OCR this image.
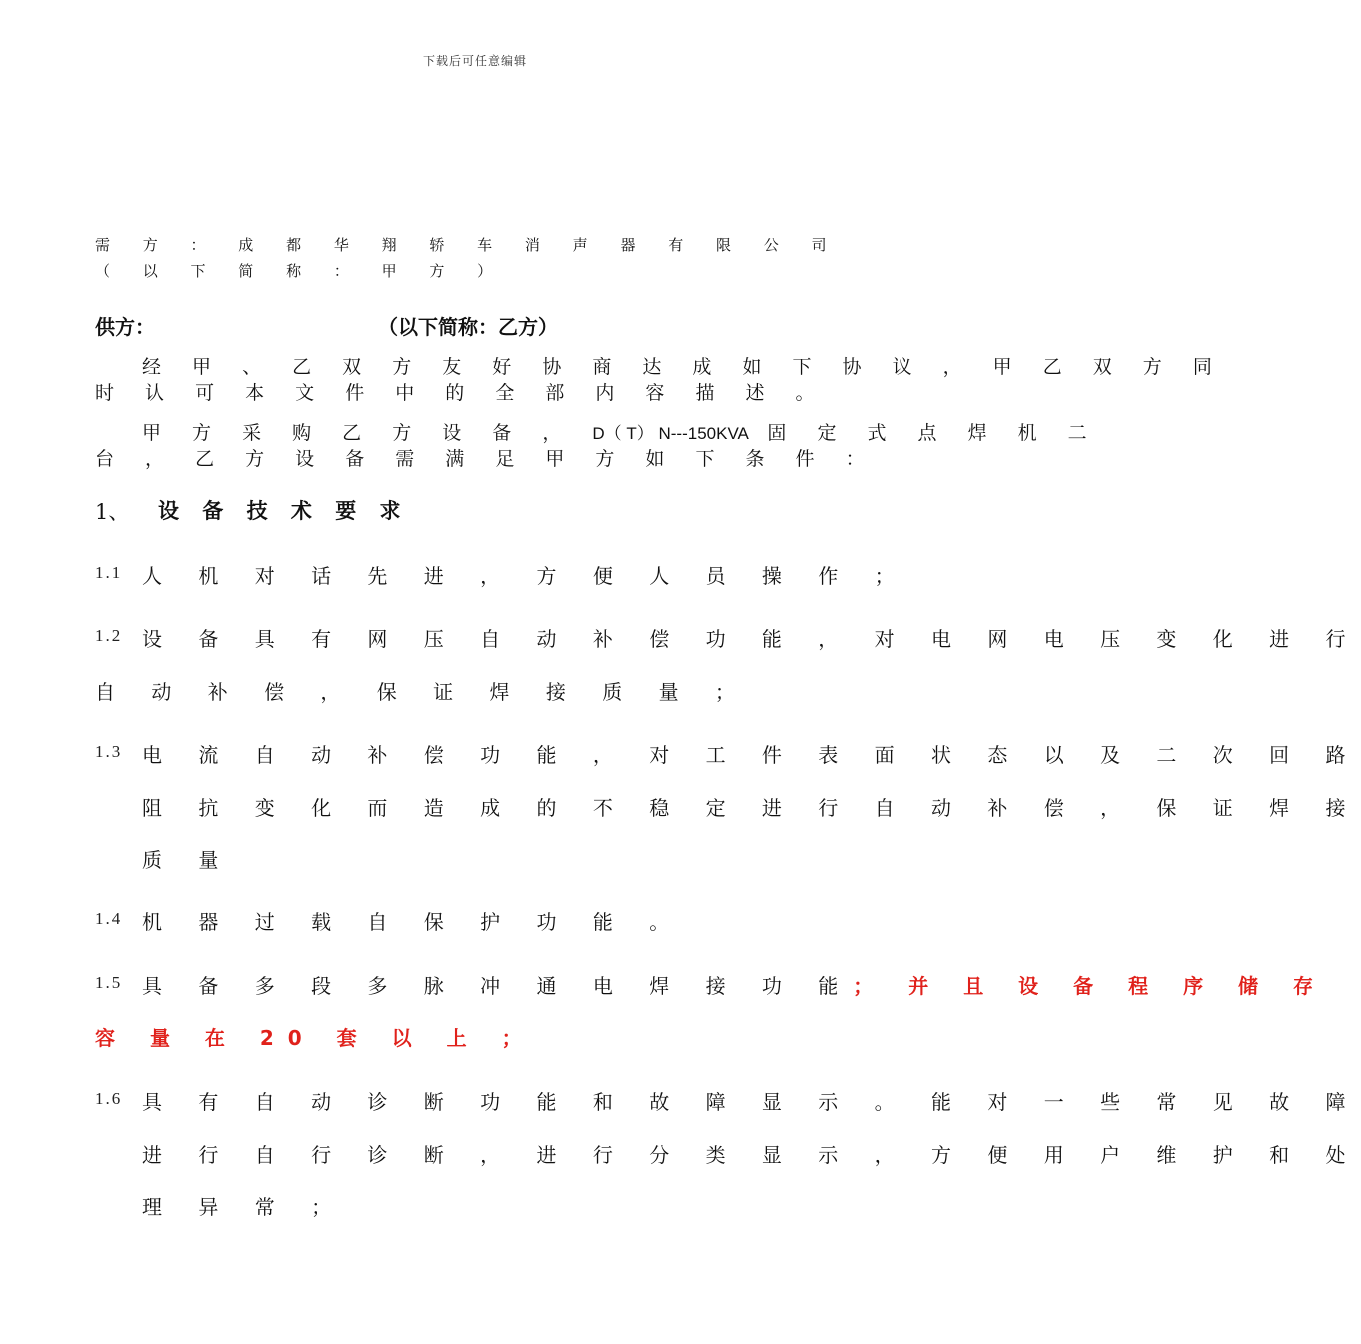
下载后可任意编辑
需 方 ： 成 都 华 翔 轿 车 消 声 器 有 限 公 司
（ 以 下 简 称 ： 甲 方 ）
供方：	（以下简称：乙方）
经 甲 、 乙 双 方 友 好 协 商 达 成 如 下 协 议 ， 甲 乙 双 方 同
时 认 可 本 文 件 中 的 全 部 内 容 描 述 。
甲 方 采 购 乙 方 设 备 ， D（ T） N---150KVA 固 定 式 点 焊 机 二
台 ， 乙 方 设 备 需 满 足 甲 方 如 下 条 件 ：
1、 设 备 技 术 要 求
1.1 人 机 对 话 先 进 ， 方 便 人 员 操 作 ；
1.2 设 备 具 有 网 压 自 动 补 偿 功 能 ， 对 电 网 电 压 变 化 进 行
自 动 补 偿 ， 保 证 焊 接 质 量 ；
1.3 电 流 自 动 补 偿 功 能 ， 对 工 件 表 面 状 态 以 及 二 次 回 路
阻 抗 变 化 而 造 成 的 不 稳 定 进 行 自 动 补 偿 ， 保 证 焊 接
质 量
1.4 机 器 过 载 自 保 护 功 能 。
1.5 具 备 多 段 多 脉 冲 通 电 焊 接 功 能； 并 且 设 备 程 序 储 存
容 量 在 20 套 以 上 ；
1.6 具 有 自 动 诊 断 功 能 和 故 障 显 示 。 能 对 一 些 常 见 故 障
进 行 自 行 诊 断 ， 进 行 分 类 显 示 ， 方 便 用 户 维 护 和 处
理 异 常 ；
